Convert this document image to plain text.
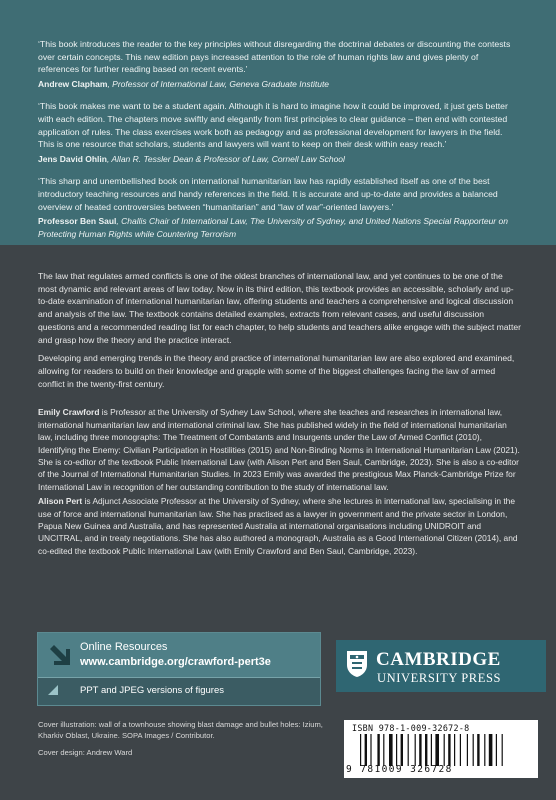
‘This book introduces the reader to the key principles without disregarding the doctrinal debates or discounting the contests over certain concepts. This new edition pays increased attention to the role of human rights law and gives plenty of references for further reading based on recent events.’

Andrew Clapham, Professor of International Law, Geneva Graduate Institute

‘This book makes me want to be a student again. Although it is hard to imagine how it could be improved, it just gets better with each edition. The chapters move swiftly and elegantly from first principles to clear guidance – then end with contested application of rules. The class exercises work both as pedagogy and as professional development for lawyers in the field. This is one resource that scholars, students and lawyers will want to keep on their desk within easy reach.’

Jens David Ohlin, Allan R. Tessler Dean & Professor of Law, Cornell Law School

‘This sharp and unembellished book on international humanitarian law has rapidly established itself as one of the best introductory teaching resources and handy references in the field. It is accurate and up-to-date and provides a balanced overview of heated controversies between “humanitarian” and “law of war”-oriented lawyers.’

Professor Ben Saul, Challis Chair of International Law, The University of Sydney, and United Nations Special Rapporteur on Protecting Human Rights while Countering Terrorism

The law that regulates armed conflicts is one of the oldest branches of international law, and yet continues to be one of the most dynamic and relevant areas of law today. Now in its third edition, this textbook provides an accessible, scholarly and up-to-date examination of international humanitarian law, offering students and teachers a comprehensive and logical discussion and analysis of the law. The textbook contains detailed examples, extracts from relevant cases, and useful discussion questions and a recommended reading list for each chapter, to help students and teachers alike engage with the subject matter and grasp how the theory and the practice interact.

Developing and emerging trends in the theory and practice of international humanitarian law are also explored and examined, allowing for readers to build on their knowledge and grapple with some of the biggest challenges facing the law of armed conflict in the twenty-first century.

Emily Crawford is Professor at the University of Sydney Law School, where she teaches and researches in international law, international humanitarian law and international criminal law. She has published widely in the field of international humanitarian law, including three monographs: The Treatment of Combatants and Insurgents under the Law of Armed Conflict (2010), Identifying the Enemy: Civilian Participation in Hostilities (2015) and Non-Binding Norms in International Humanitarian Law (2021). She is co-editor of the textbook Public International Law (with Alison Pert and Ben Saul, Cambridge, 2023). She is also a co-editor of the Journal of International Humanitarian Studies. In 2023 Emily was awarded the prestigious Max Planck-Cambridge Prize for International Law in recognition of her outstanding contribution to the study of international law.

Alison Pert is Adjunct Associate Professor at the University of Sydney, where she lectures in international law, specialising in the use of force and international humanitarian law. She has practised as a lawyer in government and the private sector in London, Papua New Guinea and Australia, and has represented Australia at international organisations including UNIDROIT and UNCITRAL, and in treaty negotiations. She has also authored a monograph, Australia as a Good International Citizen (2014), and co-edited the textbook Public International Law (with Emily Crawford and Ben Saul, Cambridge, 2023).

Online Resources
www.cambridge.org/crawford-pert3e
PPT and JPEG versions of figures

Cover illustration: wall of a townhouse showing blast damage and bullet holes: Izium, Kharkiv Oblast, Ukraine. SOPA Images / Contributor.

Cover design: Andrew Ward

CAMBRIDGE
UNIVERSITY PRESS
ISBN 978-1-009-32672-8
9 781009 326728
